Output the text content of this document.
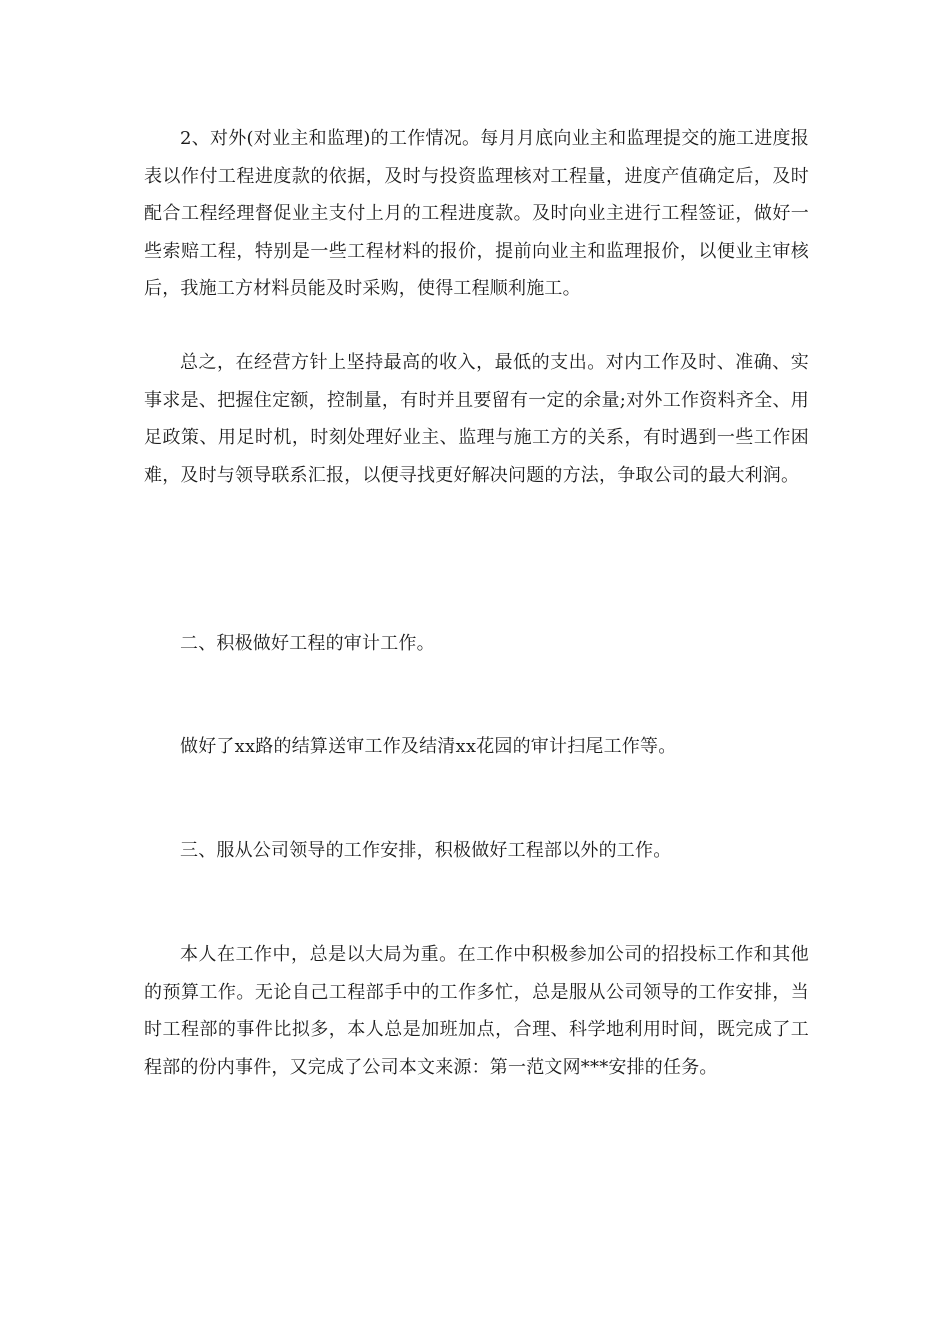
2、对外(对业主和监理)的工作情况。每月月底向业主和监理提交的施工进度报表以作付工程进度款的依据，及时与投资监理核对工程量，进度产值确定后，及时配合工程经理督促业主支付上月的工程进度款。及时向业主进行工程签证，做好一些索赔工程，特别是一些工程材料的报价，提前向业主和监理报价，以便业主审核后，我施工方材料员能及时采购，使得工程顺利施工。

总之，在经营方针上坚持最高的收入，最低的支出。对内工作及时、准确、实事求是、把握住定额，控制量，有时并且要留有一定的余量;对外工作资料齐全、用足政策、用足时机，时刻处理好业主、监理与施工方的关系，有时遇到一些工作困难，及时与领导联系汇报，以便寻找更好解决问题的方法，争取公司的最大利润。

二、积极做好工程的审计工作。

做好了xx路的结算送审工作及结清xx花园的审计扫尾工作等。

三、服从公司领导的工作安排，积极做好工程部以外的工作。

本人在工作中，总是以大局为重。在工作中积极参加公司的招投标工作和其他的预算工作。无论自己工程部手中的工作多忙，总是服从公司领导的工作安排，当时工程部的事件比拟多，本人总是加班加点，合理、科学地利用时间，既完成了工程部的份内事件，又完成了公司本文来源：第一范文网***安排的任务。
